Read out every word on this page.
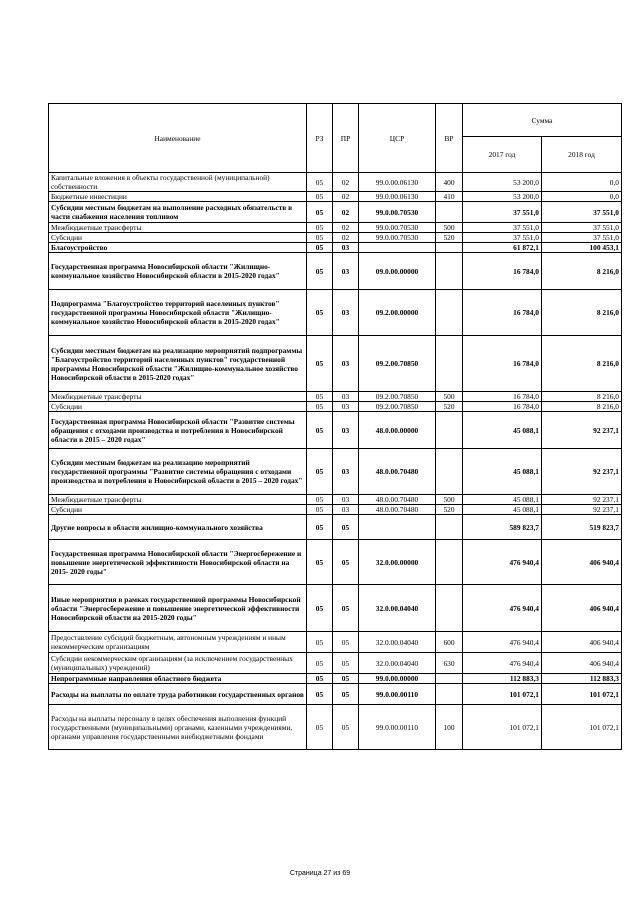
Наименование	РЗ	ПР	ЦСР	ВР	Сумма	
					2017 год	2018 год
Капитальные вложения в объекты государственной (муниципальной) собственности	05	02	99.0.00.06130	400	53 200,0	0,0
Бюджетные инвестиции	05	02	99.0.00.06130	410	53 200,0	0,0
Субсидии местным бюджетам на выполнение расходных обязательств в части снабжения населения топливом	05	02	99.0.00.70530		37 551,0	37 551,0
Межбюджетные трансферты	05	02	99.0.00.70530	500	37 551,0	37 551,0
Субсидии	05	02	99.0.00.70530	520	37 551,0	37 551,0
Благоустройство	05	03			61 872,1	100 453,1
Государственная программа Новосибирской области "Жилищно-коммунальное хозяйство Новосибирской области в 2015-2020 годах"	05	03	09.0.00.00000		16 784,0	8 216,0
Подпрограмма "Благоустройство территорий населенных пунктов" государственной программы Новосибирской области "Жилищно-коммунальное хозяйство Новосибирской области в 2015-2020 годах"	05	03	09.2.00.00000		16 784,0	8 216,0
Субсидии местным бюджетам на реализацию мероприятий подпрограммы "Благоустройство территорий населенных пунктов" государственной программы Новосибирской области "Жилищно-коммунальное хозяйство Новосибирской области в 2015-2020 годах"	05	03	09.2.00.70850		16 784,0	8 216,0
Межбюджетные трансферты	05	03	09.2.00.70850	500	16 784,0	8 216,0
Субсидии	05	03	09.2.00.70850	520	16 784,0	8 216,0
Государственная программа Новосибирской области "Развитие системы обращения с отходами производства и потребления в Новосибирской области в 2015 – 2020 годах"	05	03	48.0.00.00000		45 088,1	92 237,1
Субсидии местным бюджетам на реализацию мероприятий государственной программы "Развитие системы обращения с отходами производства и потребления в Новосибирской области в 2015 – 2020 годах"	05	03	48.0.00.70480		45 088,1	92 237,1
Межбюджетные трансферты	05	03	48.0.00.70480	500	45 088,1	92 237,1
Субсидии	05	03	48.0.00.70480	520	45 088,1	92 237,1
Другие вопросы в области жилищно-коммунального хозяйства	05	05			589 823,7	519 823,7
Государственная программа Новосибирской области "Энергосбережение и повышение энергетической эффективности Новосибирской области на 2015- 2020 годы"	05	05	32.0.00.00000		476 940,4	406 940,4
Иные мероприятия в рамках государственной программы Новосибирской области "Энергосбережение и повышение энергетической эффективности Новосибирской области на 2015-2020 годы"	05	05	32.0.00.04040		476 940,4	406 940,4
Предоставление субсидий бюджетным, автономным учреждениям и иным некоммерческим организациям	05	05	32.0.00.04040	600	476 940,4	406 940,4
Субсидии некоммерческим организациям (за исключением государственных (муниципальных) учреждений)	05	05	32.0.00.04040	630	476 940,4	406 940,4
Непрограммные направления областного бюджета	05	05	99.0.00.00000		112 883,3	112 883,3
Расходы на выплаты по оплате труда работников государственных органов	05	05	99.0.00.00110		101 072,1	101 072,1
Расходы на выплаты персоналу в целях обеспечения выполнения функций государственными (муниципальными) органами, казенными учреждениями, органами управления государственными внебюджетными фондами	05	05	99.0.00.00110	100	101 072,1	101 072,1
Страница 27 из 69
